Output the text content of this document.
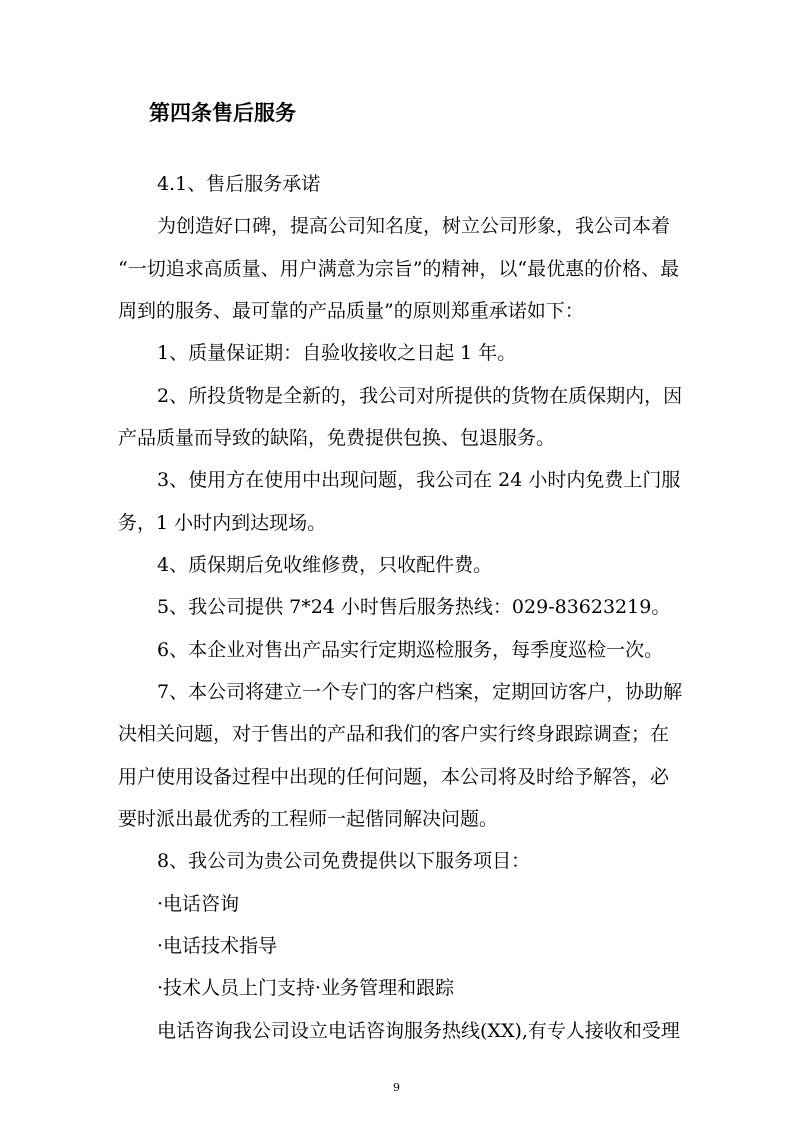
第四条售后服务
4.1、售后服务承诺
为创造好口碑，提高公司知名度，树立公司形象，我公司本着
“一切追求高质量、用户满意为宗旨”的精神，以“最优惠的价格、最
周到的服务、最可靠的产品质量”的原则郑重承诺如下：
1、质量保证期：自验收接收之日起 1 年。
2、所投货物是全新的，我公司对所提供的货物在质保期内，因
产品质量而导致的缺陷，免费提供包换、包退服务。
3、使用方在使用中出现问题，我公司在 24 小时内免费上门服
务，1 小时内到达现场。
4、质保期后免收维修费，只收配件费。
5、我公司提供 7*24 小时售后服务热线：029-83623219。
6、本企业对售出产品实行定期巡检服务，每季度巡检一次。
7、本公司将建立一个专门的客户档案，定期回访客户，协助解
决相关问题，对于售出的产品和我们的客户实行终身跟踪调查；在
用户使用设备过程中出现的任何问题，本公司将及时给予解答，必
要时派出最优秀的工程师一起偕同解决问题。
8、我公司为贵公司免费提供以下服务项目：
·电话咨询
·电话技术指导
·技术人员上门支持·业务管理和跟踪
电话咨询我公司设立电话咨询服务热线(XX),有专人接收和受理
9
